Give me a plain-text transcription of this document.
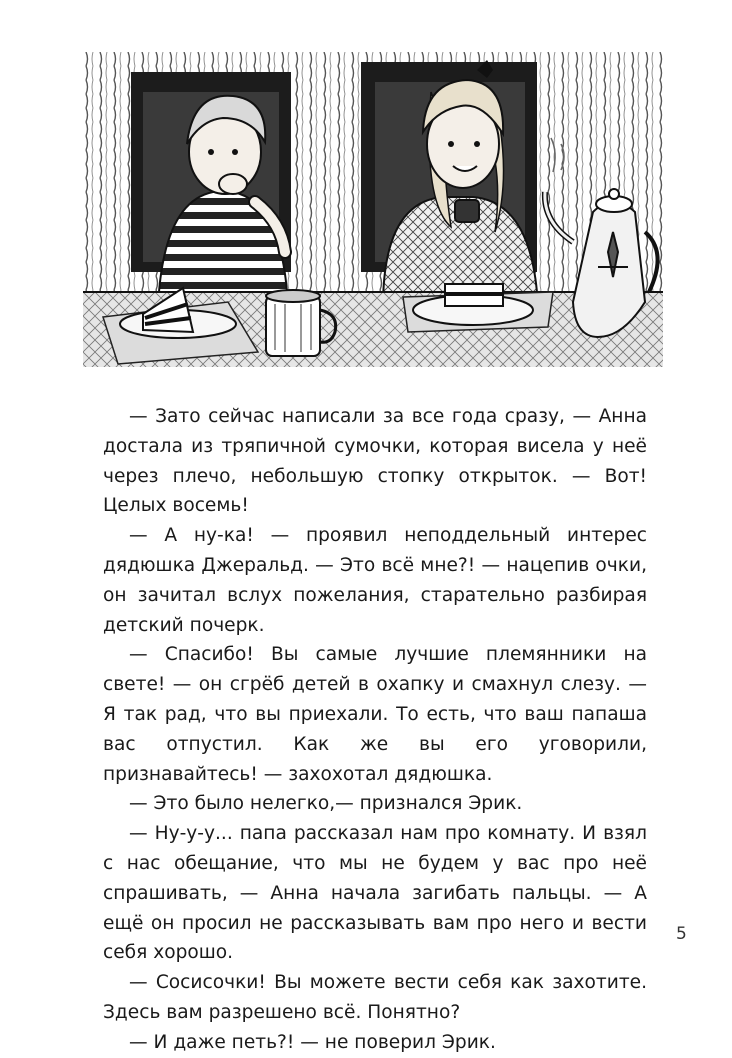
— Зато сейчас написали за все года сразу, — Анна достала из тряпичной сумочки, которая висела у неё через плечо, небольшую стопку открыток. — Вот! Целых восемь!

— А ну-ка! — проявил неподдельный интерес дядюшка Джеральд. — Это всё мне?! — нацепив очки, он зачитал вслух пожелания, старательно разбирая детский почерк.

— Спасибо! Вы самые лучшие племянники на свете! — он сгрёб детей в охапку и смахнул слезу. — Я так рад, что вы приехали. То есть, что ваш папаша вас отпустил. Как же вы его уговорили, признавайтесь! — захохотал дядюшка.

— Это было нелегко,— признался Эрик.

— Ну-у-у... папа рассказал нам про комнату. И взял с нас обещание, что мы не будем у вас про неё спрашивать, — Анна начала загибать пальцы. — А ещё он просил не рассказывать вам про него и вести себя хорошо.

— Сосисочки! Вы можете вести себя как захотите. Здесь вам разрешено всё. Понятно?

— И даже петь?! — не поверил Эрик.

5
